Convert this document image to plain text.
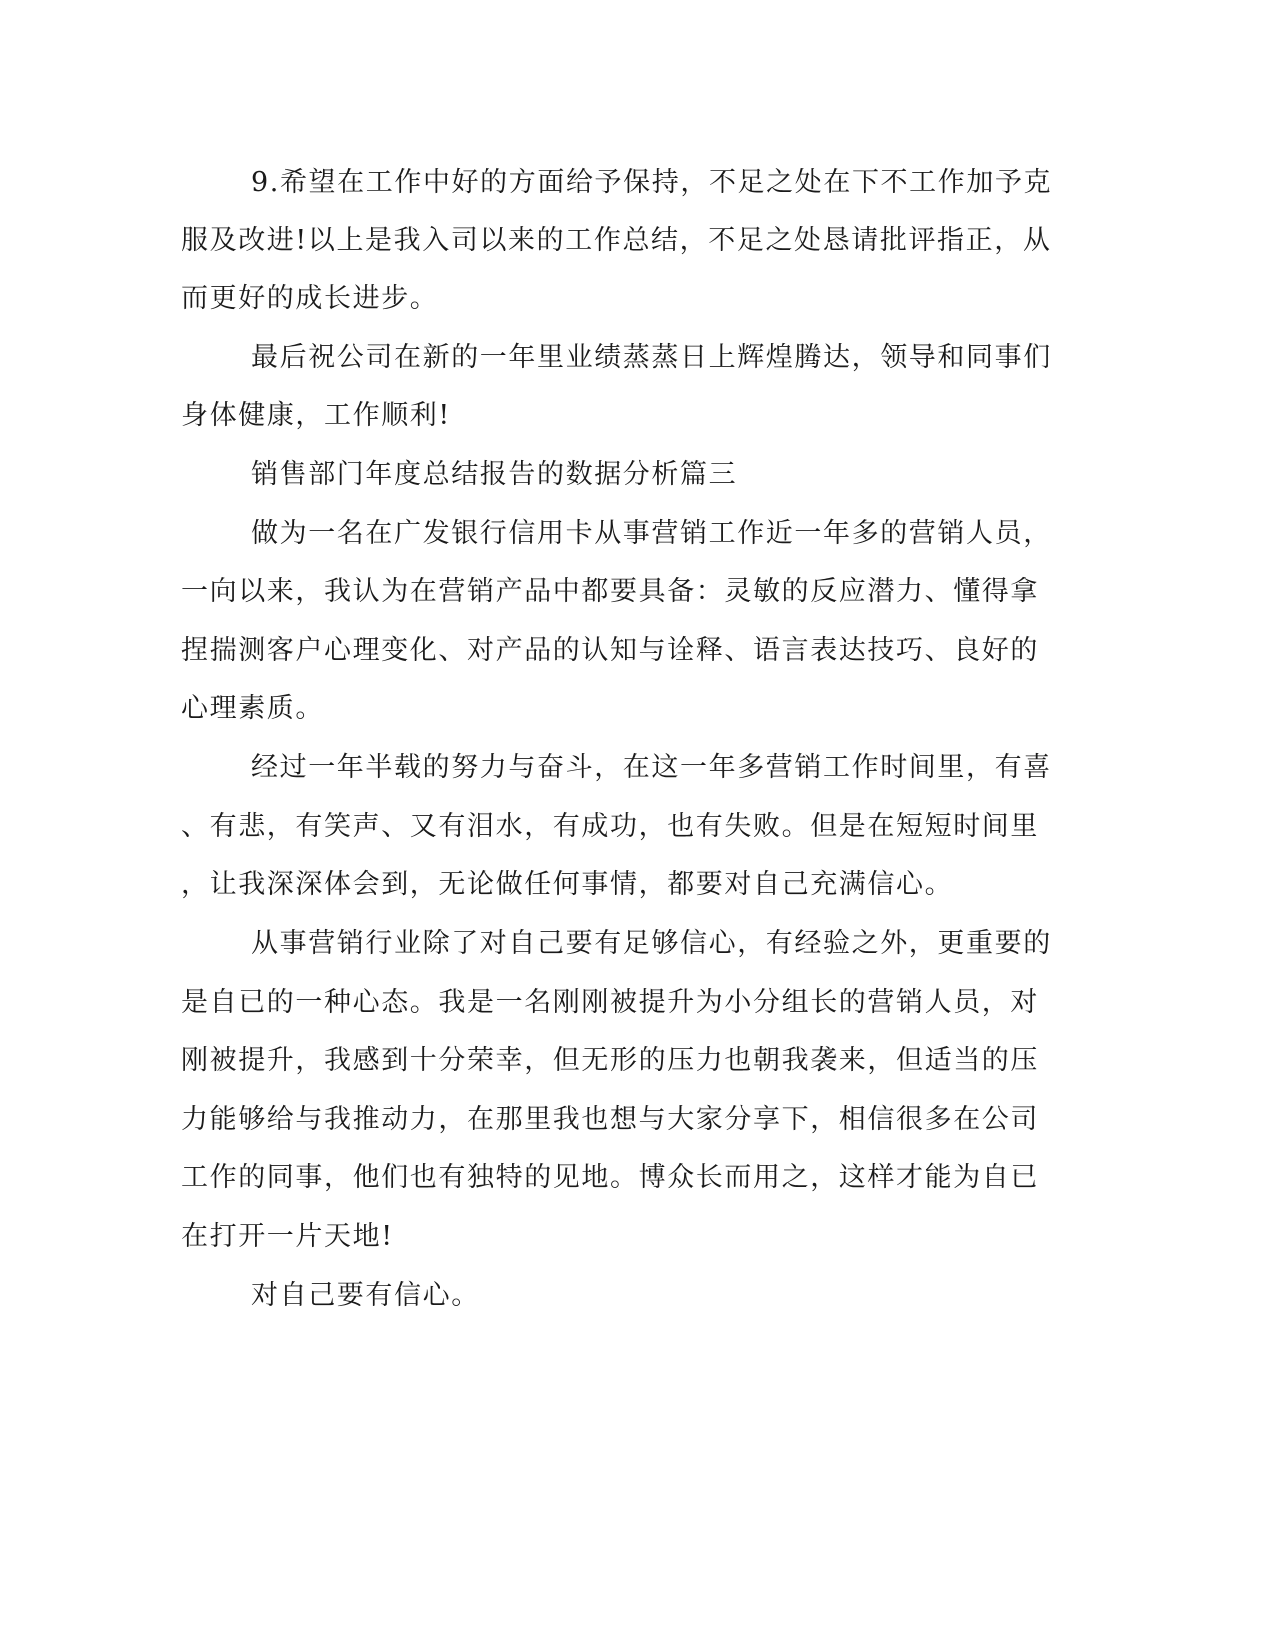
9.希望在工作中好的方面给予保持，不足之处在下不工作加予克
服及改进!以上是我入司以来的工作总结，不足之处恳请批评指正，从
而更好的成长进步。
最后祝公司在新的一年里业绩蒸蒸日上辉煌腾达，领导和同事们
身体健康，工作顺利!
销售部门年度总结报告的数据分析篇三
做为一名在广发银行信用卡从事营销工作近一年多的营销人员，
一向以来，我认为在营销产品中都要具备：灵敏的反应潜力、懂得拿
捏揣测客户心理变化、对产品的认知与诠释、语言表达技巧、良好的
心理素质。
经过一年半载的努力与奋斗，在这一年多营销工作时间里，有喜
、有悲，有笑声、又有泪水，有成功，也有失败。但是在短短时间里
，让我深深体会到，无论做任何事情，都要对自己充满信心。
从事营销行业除了对自己要有足够信心，有经验之外，更重要的
是自已的一种心态。我是一名刚刚被提升为小分组长的营销人员，对
刚被提升，我感到十分荣幸，但无形的压力也朝我袭来，但适当的压
力能够给与我推动力，在那里我也想与大家分享下，相信很多在公司
工作的同事，他们也有独特的见地。博众长而用之，这样才能为自已
在打开一片天地!
对自己要有信心。
